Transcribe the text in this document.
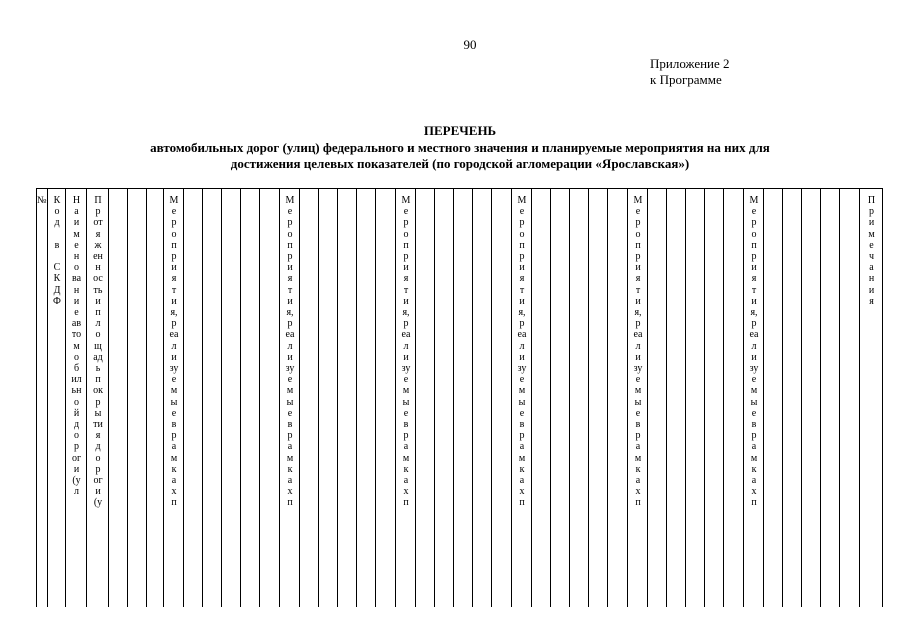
90
Приложение 2
к Программе
ПЕРЕЧЕНЬ
автомобильных дорог (улиц) федерального и местного значения и планируемые мероприятия на них для
достижения целевых показателей (по городской агломерации «Ярославская»)
№ К
о
д

в

С
К
Д
Ф
Н
а
и
м
е
н
о
ва
н
и
е
ав
то
м
о
б
ил
ьн
о
й
д
о
р
ог
и
(у
л
П
р
от
я
ж
ен
н
ос
ть
и
п
л
о
щ
ад
ь
п
ок
р
ы
ти
я
д
о
р
ог
и
(у
М
е
р
о
п
р
и
я
т
и
я,
р
еа
л
и
зу
е
м
ы
е
в
р
а
м
к
а
х
п
М
е
р
о
п
р
и
я
т
и
я,
р
еа
л
и
зу
е
м
ы
е
в
р
а
м
к
а
х
п
М
е
р
о
п
р
и
я
т
и
я,
р
еа
л
и
зу
е
м
ы
е
в
р
а
м
к
а
х
п
М
е
р
о
п
р
и
я
т
и
я,
р
еа
л
и
зу
е
м
ы
е
в
р
а
м
к
а
х
п
М
е
р
о
п
р
и
я
т
и
я,
р
еа
л
и
зу
е
м
ы
е
в
р
а
м
к
а
х
п
М
е
р
о
п
р
и
я
т
и
я,
р
еа
л
и
зу
е
м
ы
е
в
р
а
м
к
а
х
п
П
р
и
м
е
ч
а
н
и
я
